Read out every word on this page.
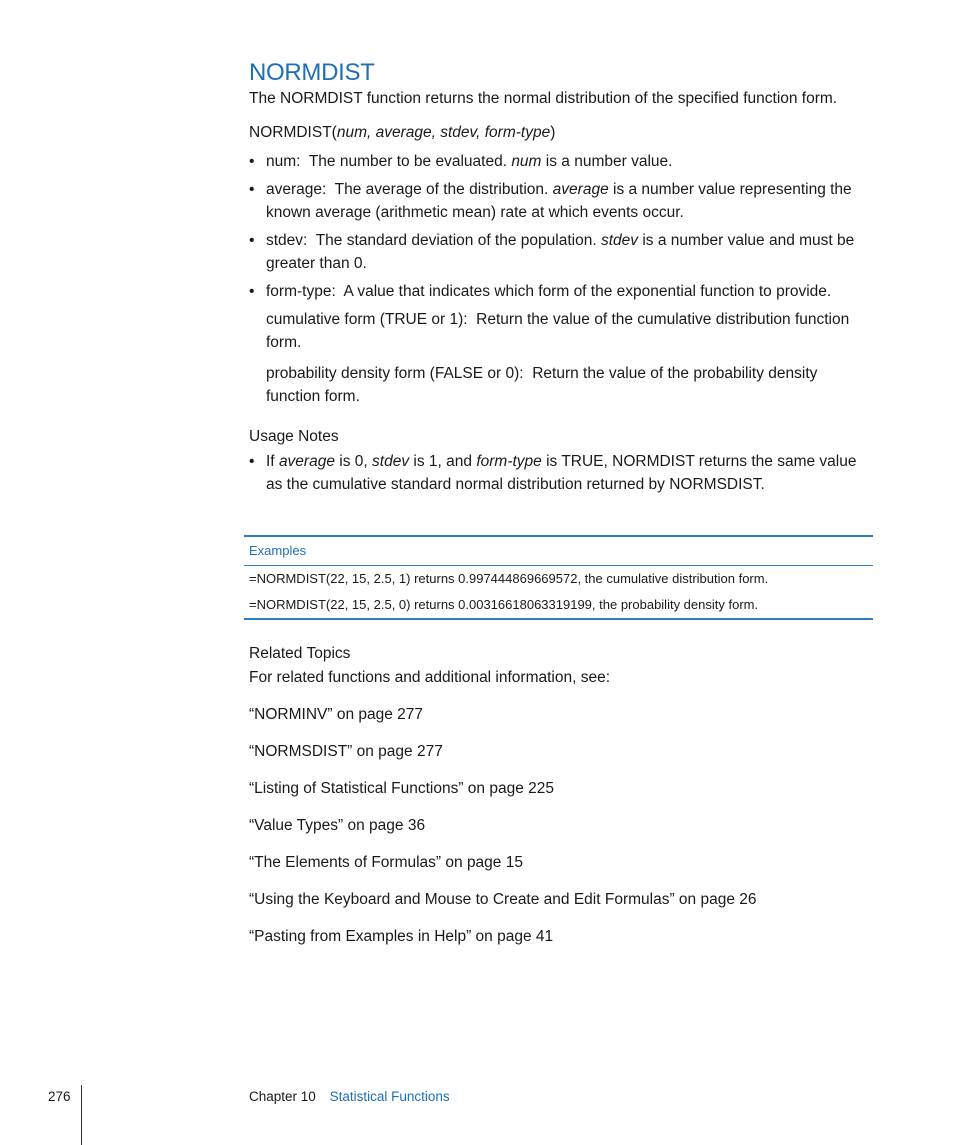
NORMDIST

The NORMDIST function returns the normal distribution of the specified function form.

NORMDIST(num, average, stdev, form-type)

• num: The number to be evaluated. num is a number value.
• average: The average of the distribution. average is a number value representing the known average (arithmetic mean) rate at which events occur.
• stdev: The standard deviation of the population. stdev is a number value and must be greater than 0.
• form-type: A value that indicates which form of the exponential function to provide.

cumulative form (TRUE or 1): Return the value of the cumulative distribution function form.

probability density form (FALSE or 0): Return the value of the probability density function form.

Usage Notes
• If average is 0, stdev is 1, and form-type is TRUE, NORMDIST returns the same value as the cumulative standard normal distribution returned by NORMSDIST.
Examples
=NORMDIST(22, 15, 2.5, 1) returns 0.997444869669572, the cumulative distribution form.
=NORMDIST(22, 15, 2.5, 0) returns 0.00316618063319199, the probability density form.
Related Topics

For related functions and additional information, see:

“NORMINV” on page 277

“NORMSDIST” on page 277

“Listing of Statistical Functions” on page 225

“Value Types” on page 36

“The Elements of Formulas” on page 15

“Using the Keyboard and Mouse to Create and Edit Formulas” on page 26

“Pasting from Examples in Help” on page 41

276	Chapter 10 Statistical Functions
